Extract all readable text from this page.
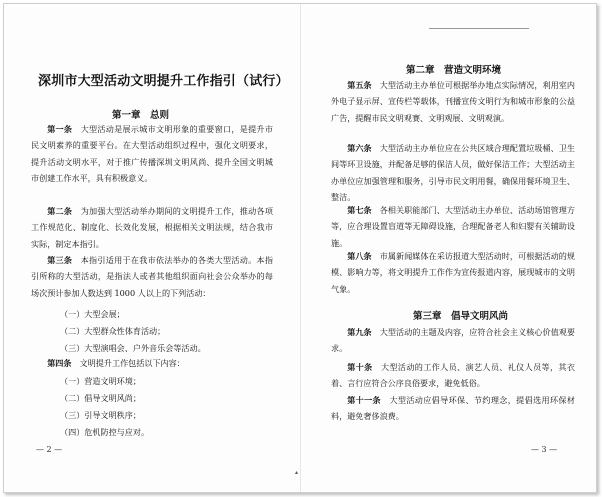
深圳市大型活动文明提升工作指引（试行）
第一章　总则

第一条　 大型活动是展示城市文明形象的重要窗口，是提升市民文明素养的重要平台。在大型活动组织过程中，强化文明要求，提升活动文明水平，对于推广传播深圳文明风尚、提升全国文明城市创建工作水平，具有积极意义。

第二条　 为加强大型活动举办期间的文明提升工作，推动各项工作规范化、制度化、长效化发展，根据相关文明法规，结合我市实际，制定本指引。

第三条　 本指引适用于在我市依法举办的各类大型活动。本指引所称的大型活动，是指法人或者其他组织面向社会公众举办的每场次预计参加人数达到 1000 人以上的下列活动：

（一）大型会展；
（二）大型群众性体育活动；
（三）大型演唱会、户外音乐会等活动。

第四条　 文明提升工作包括以下内容：

（一）营造文明环境；
（二）倡导文明风尚；
（三）引导文明秩序；
（四）危机防控与应对。
— 2 —
第二章　营造文明环境

第五条　 大型活动主办单位可根据举办地点实际情况，利用室内外电子显示屏、宣传栏等载体，刊播宣传文明行为和城市形象的公益广告，提醒市民文明观赛、文明观展、文明观演。

第六条　 大型活动主办单位应在公共区域合理配置垃圾桶、卫生间等环卫设施，并配备足够的保洁人员，做好保洁工作；大型活动主办单位应加强管理和服务，引导市民文明用餐，确保用餐环境卫生、整洁。

第七条　 各相关职能部门、大型活动主办单位、活动场馆管理方等，应合理设置盲道等无障碍设施，合理配备老人和妇婴有关辅助设施。

第八条　 市属新闻媒体在采访报道大型活动时，可根据活动的规模、影响力等，将文明提升工作作为宣传报道内容，展现城市的文明气象。

第三章　倡导文明风尚

第九条　 大型活动的主题及内容，应符合社会主义核心价值观要求。

第十条　 大型活动的工作人员、演艺人员、礼仪人员等，其衣着、言行应符合公序良俗要求，避免低俗。

第十一条　 大型活动应倡导环保、节约理念，提倡选用环保材料，避免奢侈浪费。

— 3 —
▴
